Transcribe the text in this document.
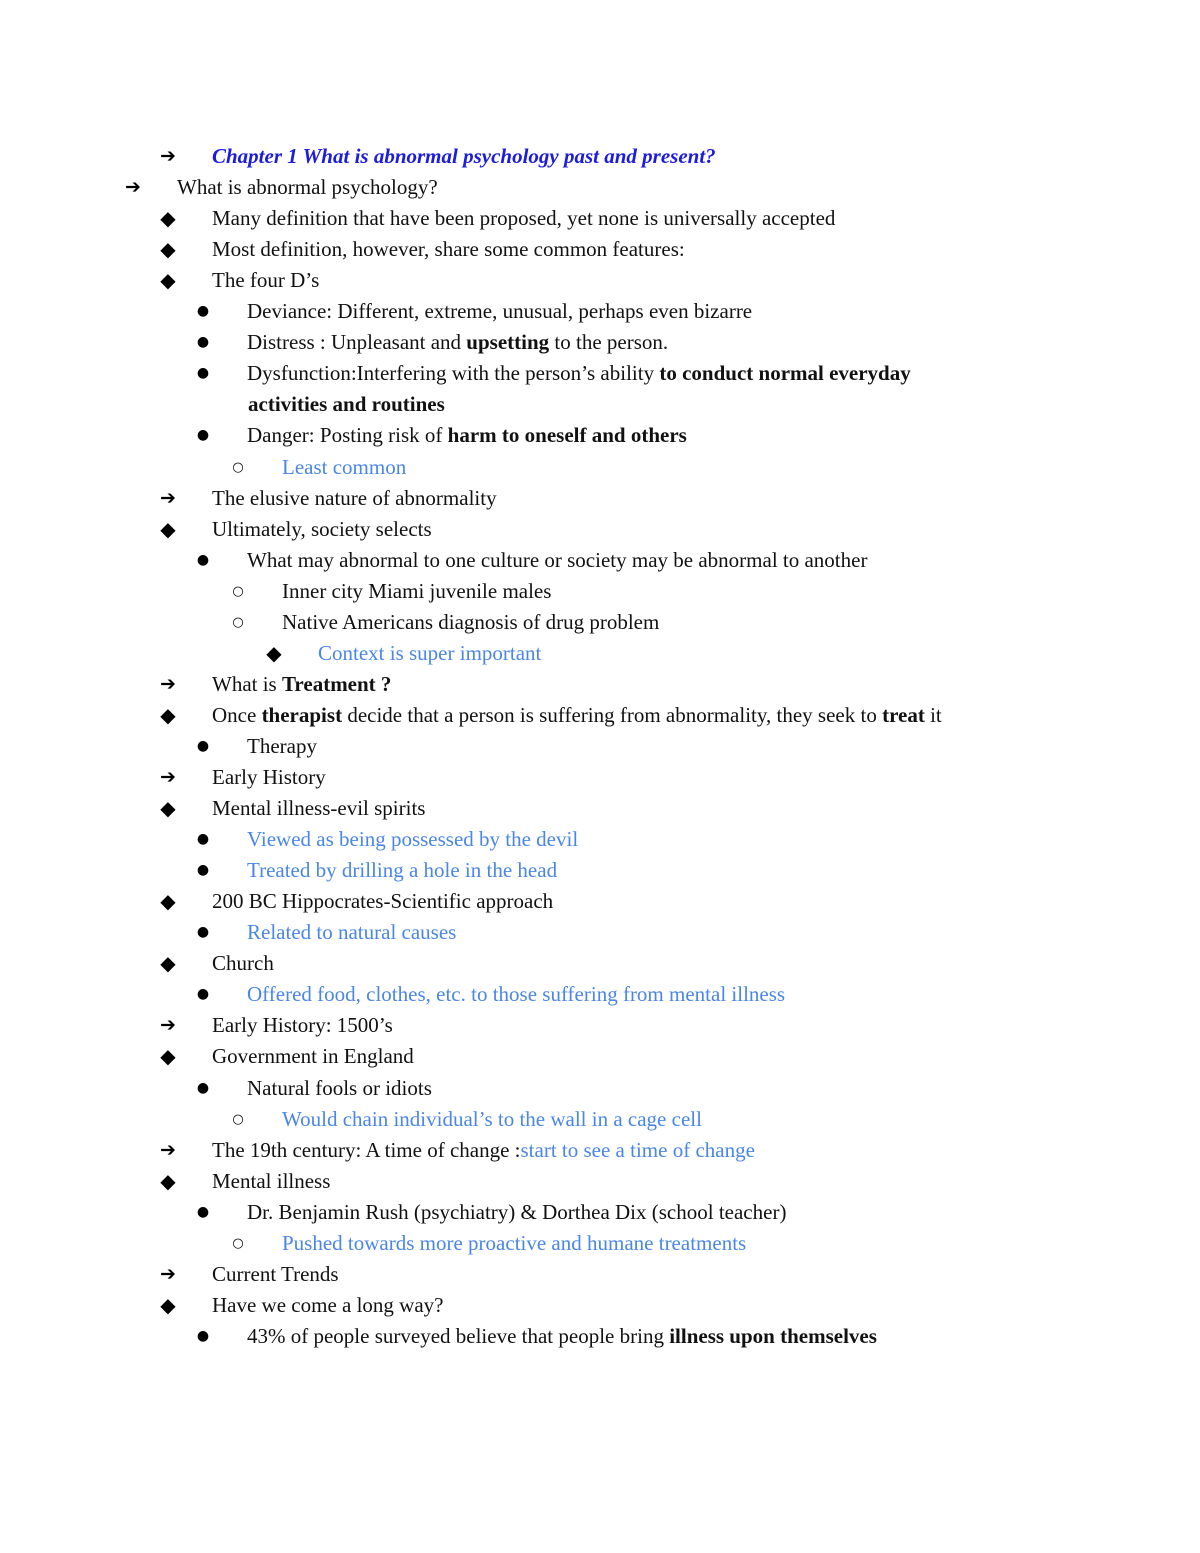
➔ Chapter 1 What is abnormal psychology past and present?
➔ What is abnormal psychology?
◆	Many definition that have been proposed, yet none is universally accepted
◆	Most definition, however, share some common features:
◆	The four D’s
●	Deviance: Different, extreme, unusual, perhaps even bizarre
●	Distress : Unpleasant and upsetting to the person.
●	Dysfunction:Interfering with the person’s ability to conduct normal everyday
activities and routines
●	Danger: Posting risk of harm to oneself and others
○	Least common
➔ The elusive nature of abnormality
◆	Ultimately, society selects
●	What may abnormal to one culture or society may be abnormal to another
○	Inner city Miami juvenile males
○	Native Americans diagnosis of drug problem
◆	Context is super important
➔ What is Treatment ?
◆	Once therapist decide that a person is suffering from abnormality, they seek to treat it
●	Therapy
➔ Early History
◆	Mental illness-evil spirits
●	Viewed as being possessed by the devil
●	Treated by drilling a hole in the head
◆	200 BC Hippocrates-Scientific approach
●	Related to natural causes
◆	Church
●	Offered food, clothes, etc. to those suffering from mental illness
➔ Early History: 1500’s
◆	Government in England
●	Natural fools or idiots
○	Would chain individual’s to the wall in a cage cell
➔ The 19th century: A time of change :start to see a time of change
◆	Mental illness
●	Dr. Benjamin Rush (psychiatry) & Dorthea Dix (school teacher)
○	Pushed towards more proactive and humane treatments
➔ Current Trends
◆	Have we come a long way?
●	43% of people surveyed believe that people bring illness upon themselves
